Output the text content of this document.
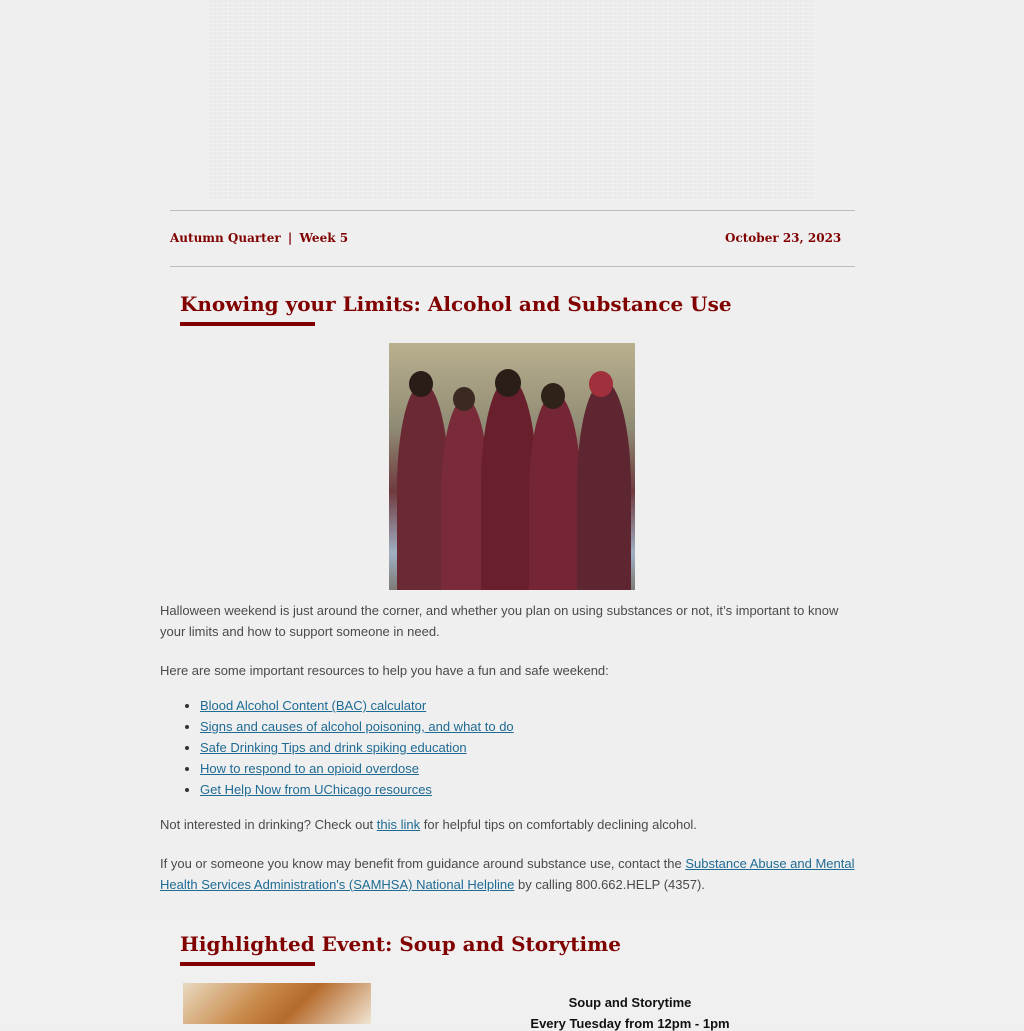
Autumn Quarter | Week 5	October 23, 2023
Knowing your Limits: Alcohol and Substance Use

Halloween weekend is just around the corner, and whether you plan on using substances or not, it’s important to know your limits and how to support someone in need.

Here are some important resources to help you have a fun and safe weekend:

• Blood Alcohol Content (BAC) calculator
• Signs and causes of alcohol poisoning, and what to do
• Safe Drinking Tips and drink spiking education
• How to respond to an opioid overdose
• Get Help Now from UChicago resources

Not interested in drinking? Check out this link for helpful tips on comfortably declining alcohol.

If you or someone you know may benefit from guidance around substance use, contact the Substance Abuse and Mental Health Services Administration's (SAMHSA) National Helpline by calling 800.662.HELP (4357).

Highlighted Event: Soup and Storytime
Soup and Storytime
Every Tuesday from 12pm - 1pm
